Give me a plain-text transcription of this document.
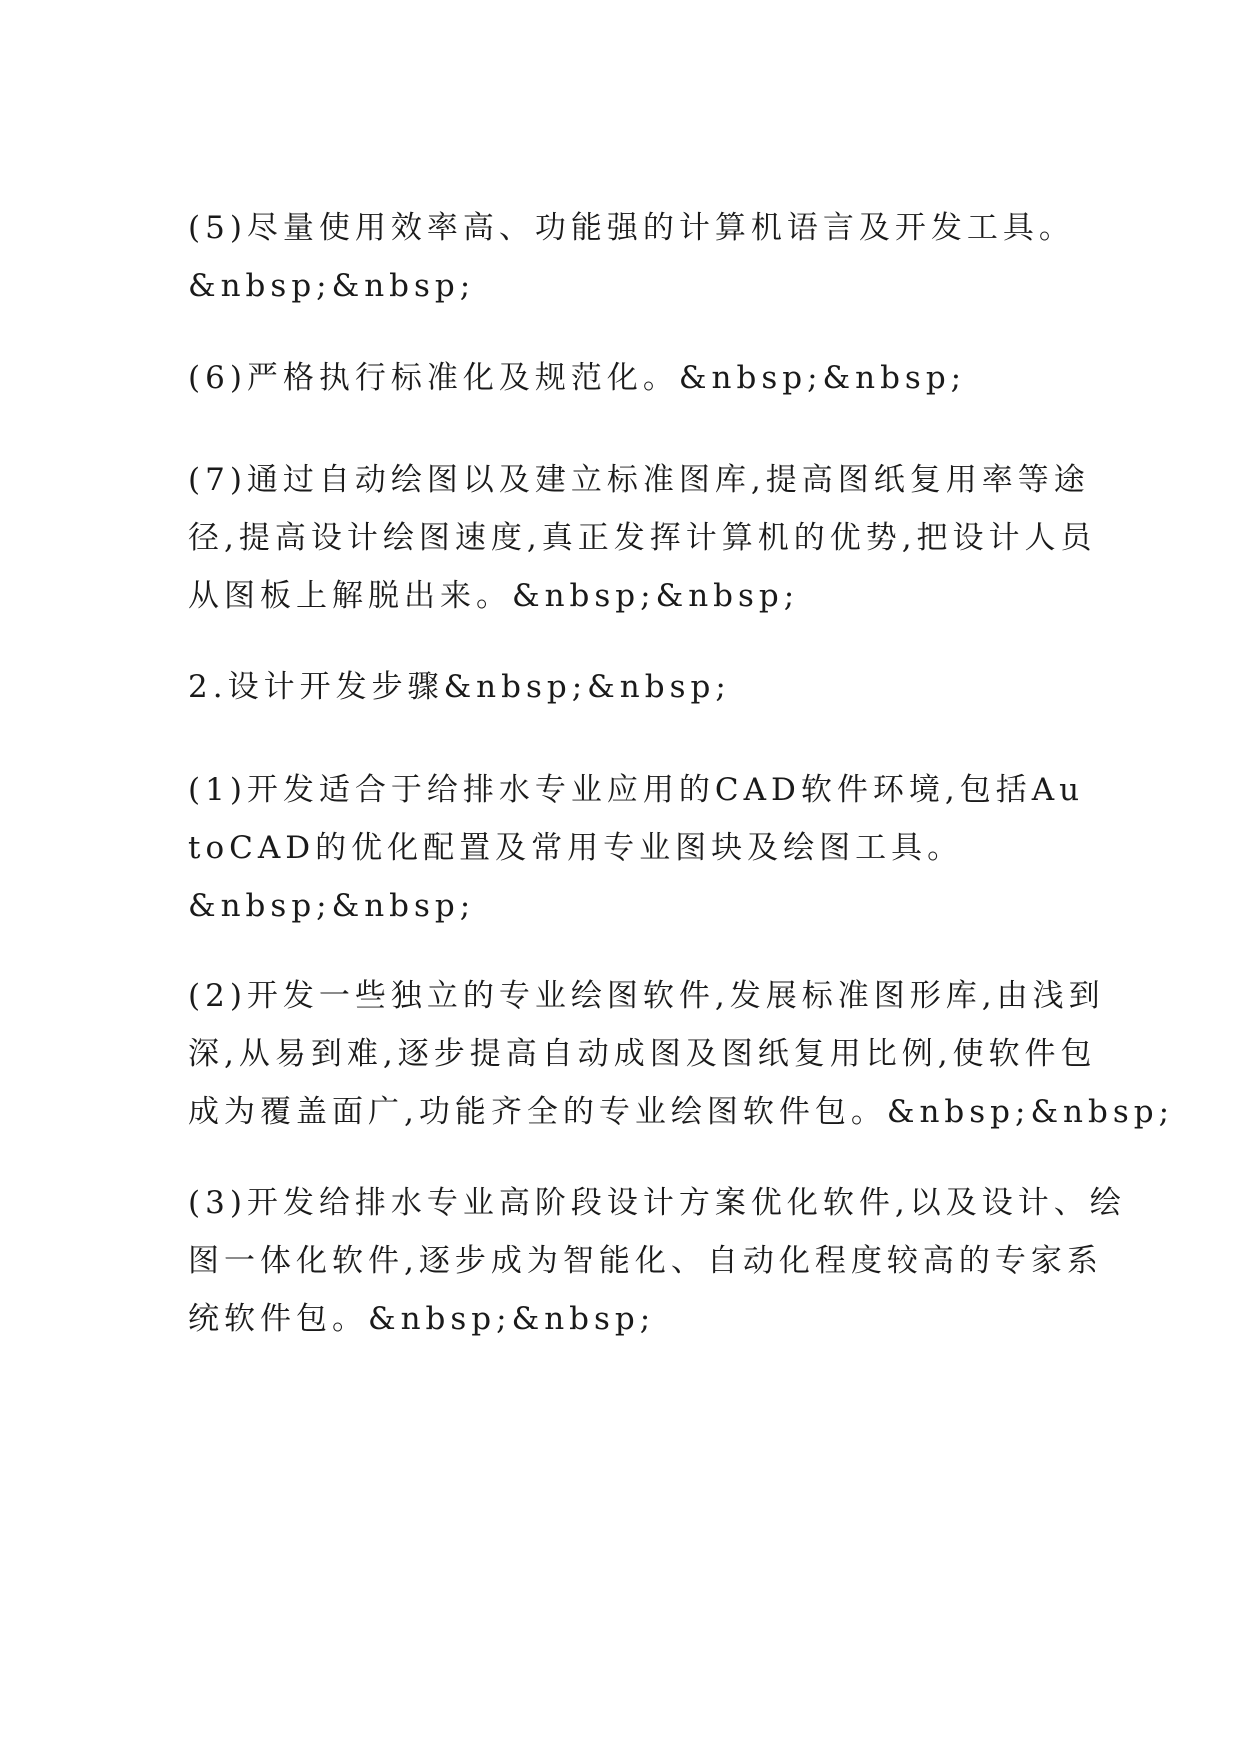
(5)尽量使用效率高、功能强的计算机语言及开发工具。
&nbsp;&nbsp;

(6)严格执行标准化及规范化。&nbsp;&nbsp;

(7)通过自动绘图以及建立标准图库,提高图纸复用率等途
径,提高设计绘图速度,真正发挥计算机的优势,把设计人员
从图板上解脱出来。&nbsp;&nbsp;

2.设计开发步骤&nbsp;&nbsp;

(1)开发适合于给排水专业应用的CAD软件环境,包括Au
toCAD的优化配置及常用专业图块及绘图工具。
&nbsp;&nbsp;

(2)开发一些独立的专业绘图软件,发展标准图形库,由浅到
深,从易到难,逐步提高自动成图及图纸复用比例,使软件包
成为覆盖面广,功能齐全的专业绘图软件包。&nbsp;&nbsp;

(3)开发给排水专业高阶段设计方案优化软件,以及设计、绘
图一体化软件,逐步成为智能化、自动化程度较高的专家系
统软件包。&nbsp;&nbsp;
